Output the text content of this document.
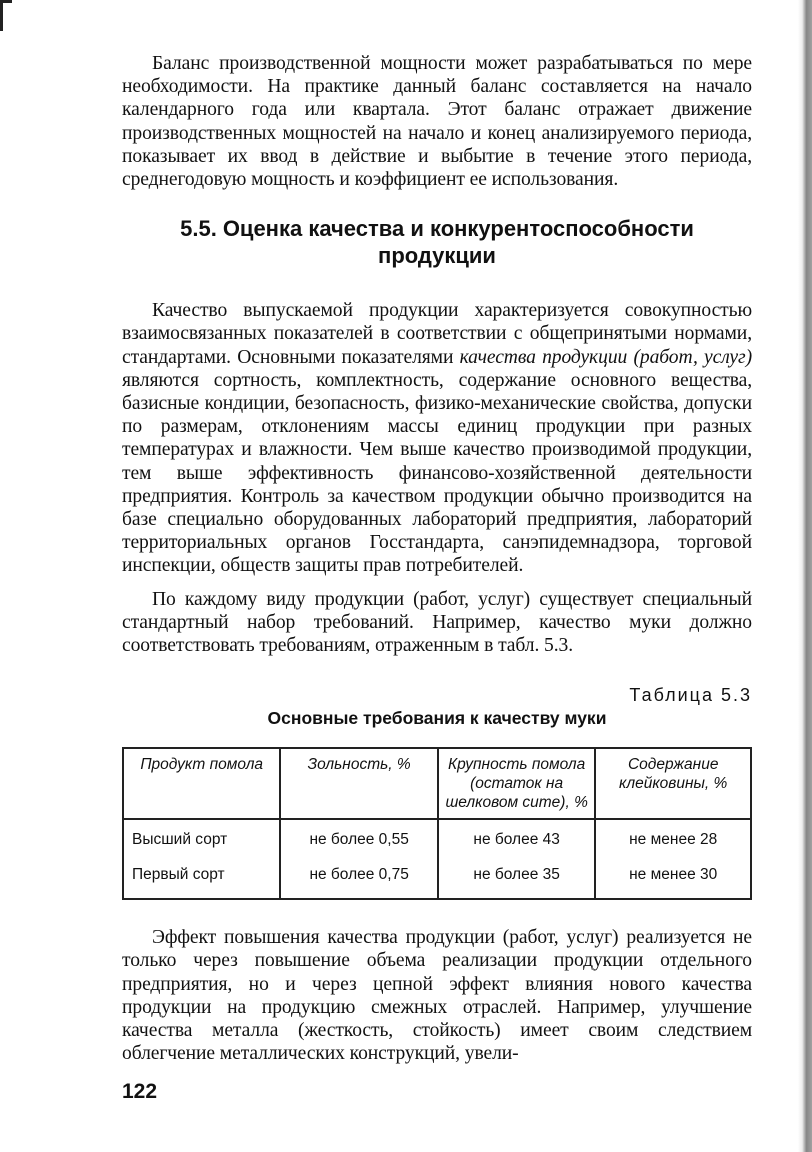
Баланс производственной мощности может разрабатываться по мере необходимости. На практике данный баланс составляется на начало календарного года или квартала. Этот баланс отражает движение производственных мощностей на начало и конец анализируемого периода, показывает их ввод в действие и выбытие в течение этого периода, среднегодовую мощность и коэффициент ее использования.

5.5. Оценка качества и конкурентоспособности продукции

Качество выпускаемой продукции характеризуется совокупностью взаимосвязанных показателей в соответствии с общепринятыми нормами, стандартами. Основными показателями качества продукции (работ, услуг) являются сортность, комплектность, содержание основного вещества, базисные кондиции, безопасность, физико-механические свойства, допуски по размерам, отклонениям массы единиц продукции при разных температурах и влажности. Чем выше качество производимой продукции, тем выше эффективность финансово-хозяйственной деятельности предприятия. Контроль за качеством продукции обычно производится на базе специально оборудованных лабораторий предприятия, лабораторий территориальных органов Госстандарта, санэпидемнадзора, торговой инспекции, обществ защиты прав потребителей.

По каждому виду продукции (работ, услуг) существует специальный стандартный набор требований. Например, качество муки должно соответствовать требованиям, отраженным в табл. 5.3.

Таблица 5.3
Основные требования к качеству муки
Продукт помола	Зольность, %	Крупность помола (остаток на шелковом сите), %	Содержание клейковины, %
Высший сорт	не более 0,55	не более 43	не менее 28
Первый сорт	не более 0,75	не более 35	не менее 30

Эффект повышения качества продукции (работ, услуг) реализуется не только через повышение объема реализации продукции отдельного предприятия, но и через цепной эффект влияния нового качества продукции на продукцию смежных отраслей. Например, улучшение качества металла (жесткость, стойкость) имеет своим следствием облегчение металлических конструкций, увели-

122
